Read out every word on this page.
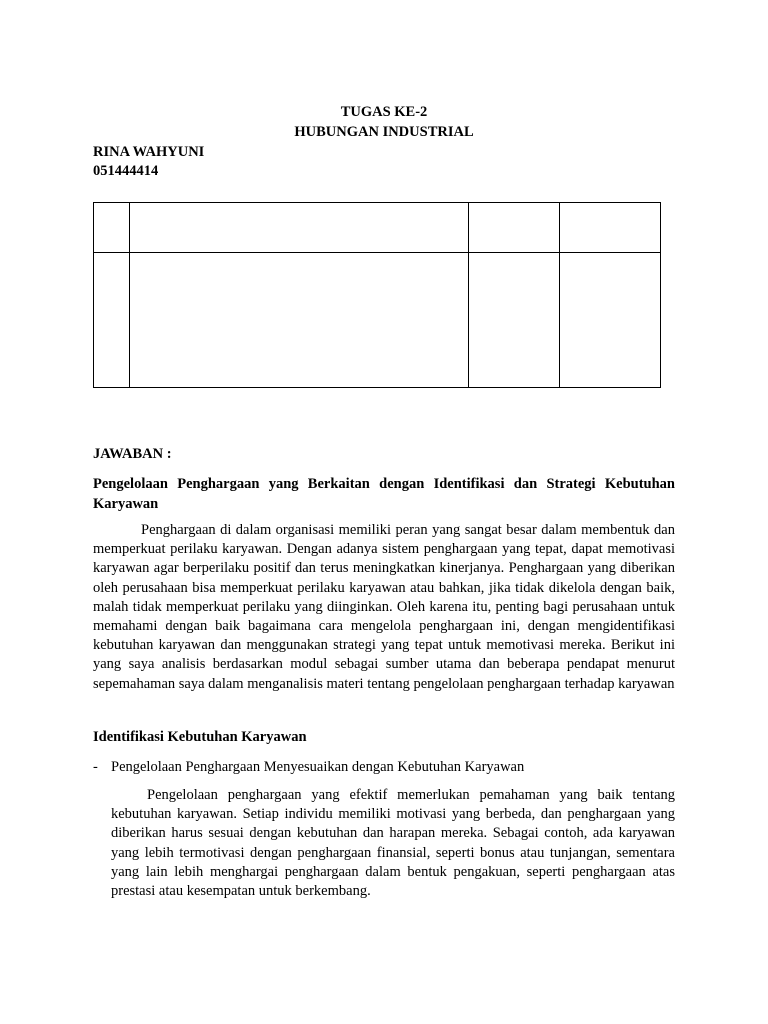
TUGAS KE-2
HUBUNGAN INDUSTRIAL
RINA WAHYUNI
051444414

JAWABAN :
Pengelolaan Penghargaan yang Berkaitan dengan Identifikasi dan Strategi Kebutuhan Karyawan

Penghargaan di dalam organisasi memiliki peran yang sangat besar dalam membentuk dan memperkuat perilaku karyawan. Dengan adanya sistem penghargaan yang tepat, dapat memotivasi karyawan agar berperilaku positif dan terus meningkatkan kinerjanya. Penghargaan yang diberikan oleh perusahaan bisa memperkuat perilaku karyawan atau bahkan, jika tidak dikelola dengan baik, malah tidak memperkuat perilaku yang diinginkan. Oleh karena itu, penting bagi perusahaan untuk memahami dengan baik bagaimana cara mengelola penghargaan ini, dengan mengidentifikasi kebutuhan karyawan dan menggunakan strategi yang tepat untuk memotivasi mereka. Berikut ini yang saya analisis berdasarkan modul sebagai sumber utama dan beberapa pendapat menurut sepemahaman saya dalam menganalisis materi tentang pengelolaan penghargaan terhadap karyawan

Identifikasi Kebutuhan Karyawan
- Pengelolaan Penghargaan Menyesuaikan dengan Kebutuhan Karyawan

Pengelolaan penghargaan yang efektif memerlukan pemahaman yang baik tentang kebutuhan karyawan. Setiap individu memiliki motivasi yang berbeda, dan penghargaan yang diberikan harus sesuai dengan kebutuhan dan harapan mereka. Sebagai contoh, ada karyawan yang lebih termotivasi dengan penghargaan finansial, seperti bonus atau tunjangan, sementara yang lain lebih menghargai penghargaan dalam bentuk pengakuan, seperti penghargaan atas prestasi atau kesempatan untuk berkembang.
